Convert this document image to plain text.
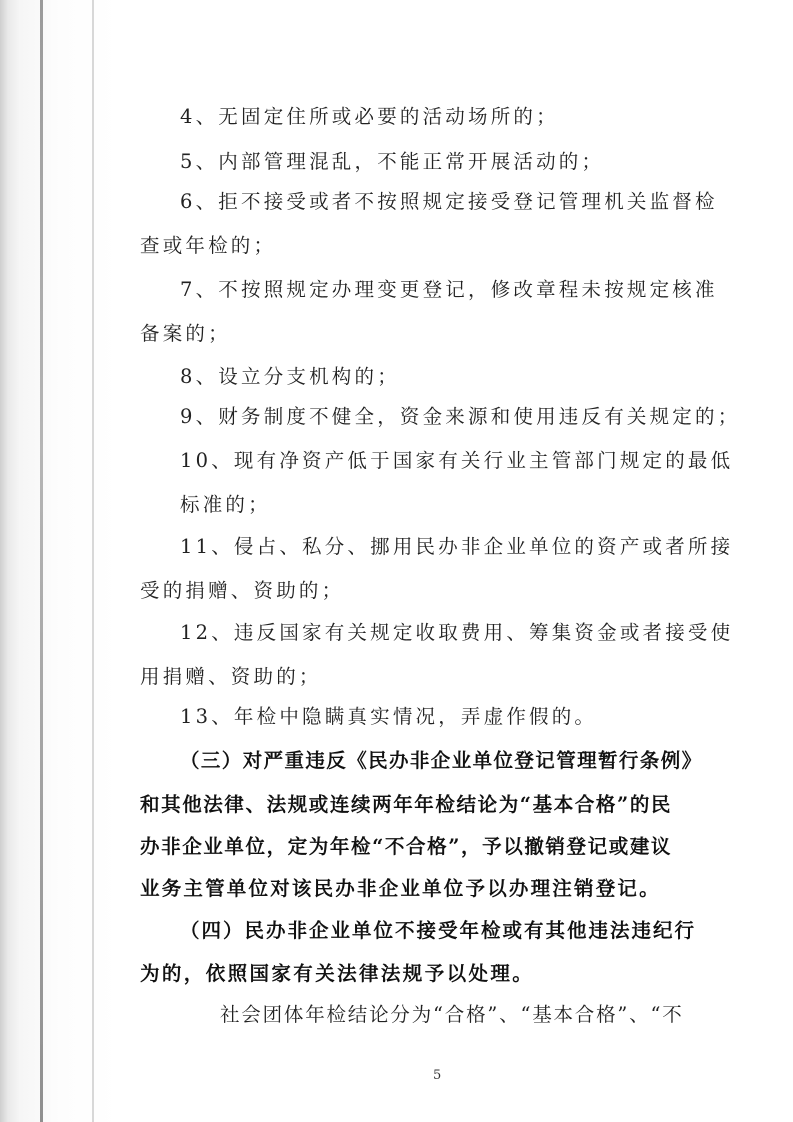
4、无固定住所或必要的活动场所的；
5、内部管理混乱，不能正常开展活动的；
6、拒不接受或者不按照规定接受登记管理机关监督检
查或年检的；
7、不按照规定办理变更登记，修改章程未按规定核准
备案的；
8、设立分支机构的；
9、财务制度不健全，资金来源和使用违反有关规定的；
10、现有净资产低于国家有关行业主管部门规定的最低
标准的；
11、侵占、私分、挪用民办非企业单位的资产或者所接
受的捐赠、资助的；
12、违反国家有关规定收取费用、筹集资金或者接受使
用捐赠、资助的；
13、年检中隐瞒真实情况，弄虚作假的。
（三）对严重违反《民办非企业单位登记管理暂行条例》
和其他法律、法规或连续两年年检结论为“基本合格”的民
办非企业单位，定为年检“不合格”，予以撤销登记或建议
业务主管单位对该民办非企业单位予以办理注销登记。
（四）民办非企业单位不接受年检或有其他违法违纪行
为的，依照国家有关法律法规予以处理。
社会团体年检结论分为“合格”、“基本合格”、“不
5
